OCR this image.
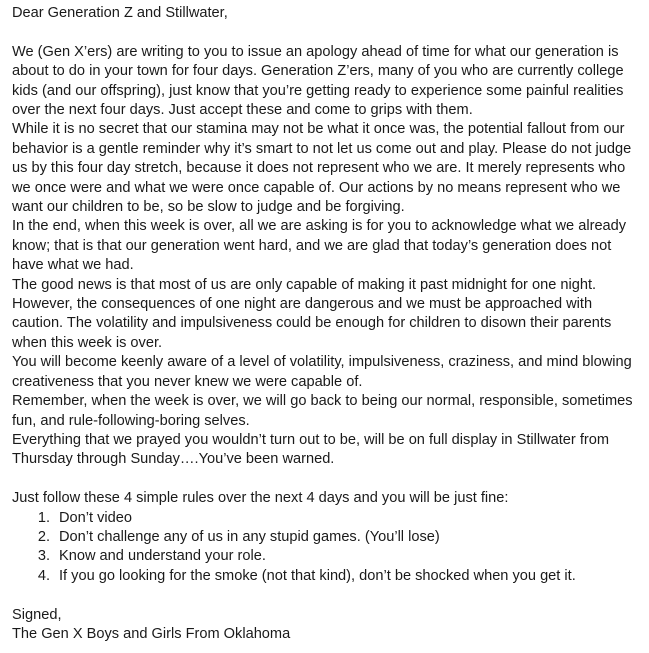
Dear Generation Z and Stillwater,
We (Gen X’ers) are writing to you to issue an apology ahead of time for what our generation is
about to do in your town for four days. Generation Z’ers, many of you who are currently college
kids (and our offspring), just know that you’re getting ready to experience some painful realities
over the next four days. Just accept these and come to grips with them.
While it is no secret that our stamina may not be what it once was, the potential fallout from our
behavior is a gentle reminder why it’s smart to not let us come out and play. Please do not judge
us by this four day stretch, because it does not represent who we are. It merely represents who
we once were and what we were once capable of. Our actions by no means represent who we
want our children to be, so be slow to judge and be forgiving.
In the end, when this week is over, all we are asking is for you to acknowledge what we already
know; that is that our generation went hard, and we are glad that today’s generation does not
have what we had.
The good news is that most of us are only capable of making it past midnight for one night.
However, the consequences of one night are dangerous and we must be approached with
caution. The volatility and impulsiveness could be enough for children to disown their parents
when this week is over.
You will become keenly aware of a level of volatility, impulsiveness, craziness, and mind blowing
creativeness that you never knew we were capable of.
Remember, when the week is over, we will go back to being our normal, responsible, sometimes
fun, and rule-following-boring selves.
Everything that we prayed you wouldn’t turn out to be, will be on full display in Stillwater from
Thursday through Sunday….You’ve been warned.
Just follow these 4 simple rules over the next 4 days and you will be just fine:
1. Don’t video
2. Don’t challenge any of us in any stupid games. (You’ll lose)
3. Know and understand your role.
4. If you go looking for the smoke (not that kind), don’t be shocked when you get it.
Signed,
The Gen X Boys and Girls From Oklahoma
